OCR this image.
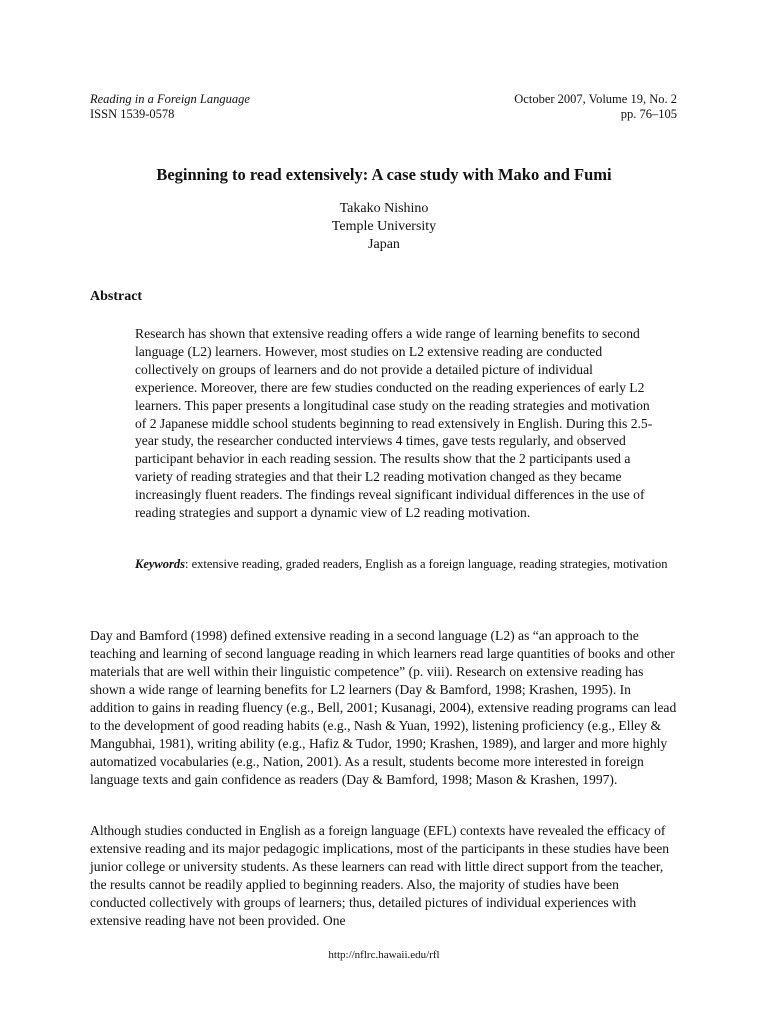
Reading in a Foreign Language
ISSN 1539-0578
October 2007, Volume 19, No. 2
pp. 76–105
Beginning to read extensively: A case study with Mako and Fumi
Takako Nishino
Temple University
Japan
Abstract

Research has shown that extensive reading offers a wide range of learning benefits to second language (L2) learners. However, most studies on L2 extensive reading are conducted collectively on groups of learners and do not provide a detailed picture of individual experience. Moreover, there are few studies conducted on the reading experiences of early L2 learners. This paper presents a longitudinal case study on the reading strategies and motivation of 2 Japanese middle school students beginning to read extensively in English. During this 2.5-year study, the researcher conducted interviews 4 times, gave tests regularly, and observed participant behavior in each reading session. The results show that the 2 participants used a variety of reading strategies and that their L2 reading motivation changed as they became increasingly fluent readers. The findings reveal significant individual differences in the use of reading strategies and support a dynamic view of L2 reading motivation.

Keywords: extensive reading, graded readers, English as a foreign language, reading strategies, motivation

Day and Bamford (1998) defined extensive reading in a second language (L2) as “an approach to the teaching and learning of second language reading in which learners read large quantities of books and other materials that are well within their linguistic competence” (p. viii). Research on extensive reading has shown a wide range of learning benefits for L2 learners (Day & Bamford, 1998; Krashen, 1995). In addition to gains in reading fluency (e.g., Bell, 2001; Kusanagi, 2004), extensive reading programs can lead to the development of good reading habits (e.g., Nash & Yuan, 1992), listening proficiency (e.g., Elley & Mangubhai, 1981), writing ability (e.g., Hafiz & Tudor, 1990; Krashen, 1989), and larger and more highly automatized vocabularies (e.g., Nation, 2001). As a result, students become more interested in foreign language texts and gain confidence as readers (Day & Bamford, 1998; Mason & Krashen, 1997).

Although studies conducted in English as a foreign language (EFL) contexts have revealed the efficacy of extensive reading and its major pedagogic implications, most of the participants in these studies have been junior college or university students. As these learners can read with little direct support from the teacher, the results cannot be readily applied to beginning readers. Also, the majority of studies have been conducted collectively with groups of learners; thus, detailed pictures of individual experiences with extensive reading have not been provided. One

http://nflrc.hawaii.edu/rfl
